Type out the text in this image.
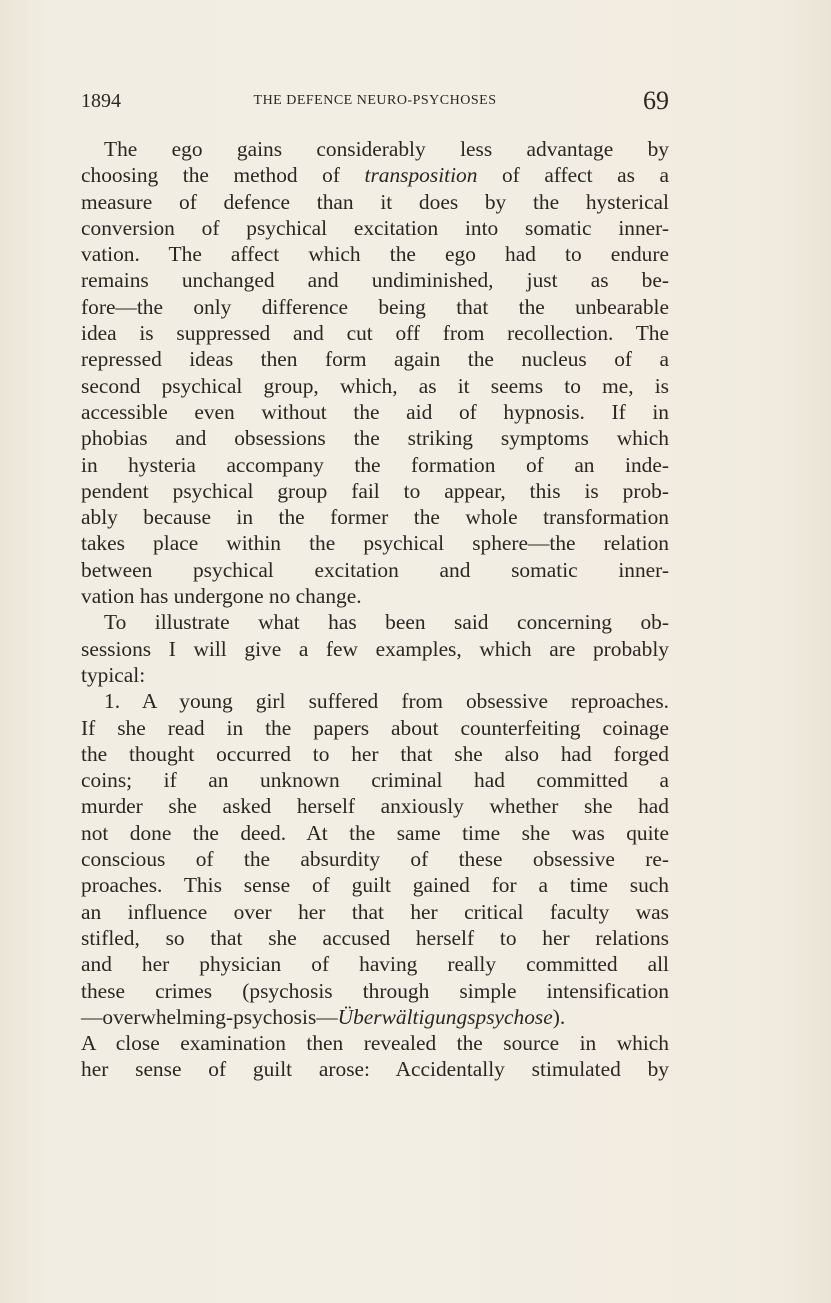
1894	THE DEFENCE NEURO-PSYCHOSES	69
The ego gains considerably less advantage by
choosing the method of transposition of affect as a
measure of defence than it does by the hysterical
conversion of psychical excitation into somatic inner-
vation. The affect which the ego had to endure
remains unchanged and undiminished, just as be-
fore—the only difference being that the unbearable
idea is suppressed and cut off from recollection. The
repressed ideas then form again the nucleus of a
second psychical group, which, as it seems to me, is
accessible even without the aid of hypnosis. If in
phobias and obsessions the striking symptoms which
in hysteria accompany the formation of an inde-
pendent psychical group fail to appear, this is prob-
ably because in the former the whole transformation
takes place within the psychical sphere—the relation
between psychical excitation and somatic inner-
vation has undergone no change.
To illustrate what has been said concerning ob-
sessions I will give a few examples, which are probably
typical:
1. A young girl suffered from obsessive reproaches.
If she read in the papers about counterfeiting coinage
the thought occurred to her that she also had forged
coins; if an unknown criminal had committed a
murder she asked herself anxiously whether she had
not done the deed. At the same time she was quite
conscious of the absurdity of these obsessive re-
proaches. This sense of guilt gained for a time such
an influence over her that her critical faculty was
stifled, so that she accused herself to her relations
and her physician of having really committed all
these crimes (psychosis through simple intensification
—overwhelming-psychosis—Überwältigungspsychose).
A close examination then revealed the source in which
her sense of guilt arose: Accidentally stimulated by
